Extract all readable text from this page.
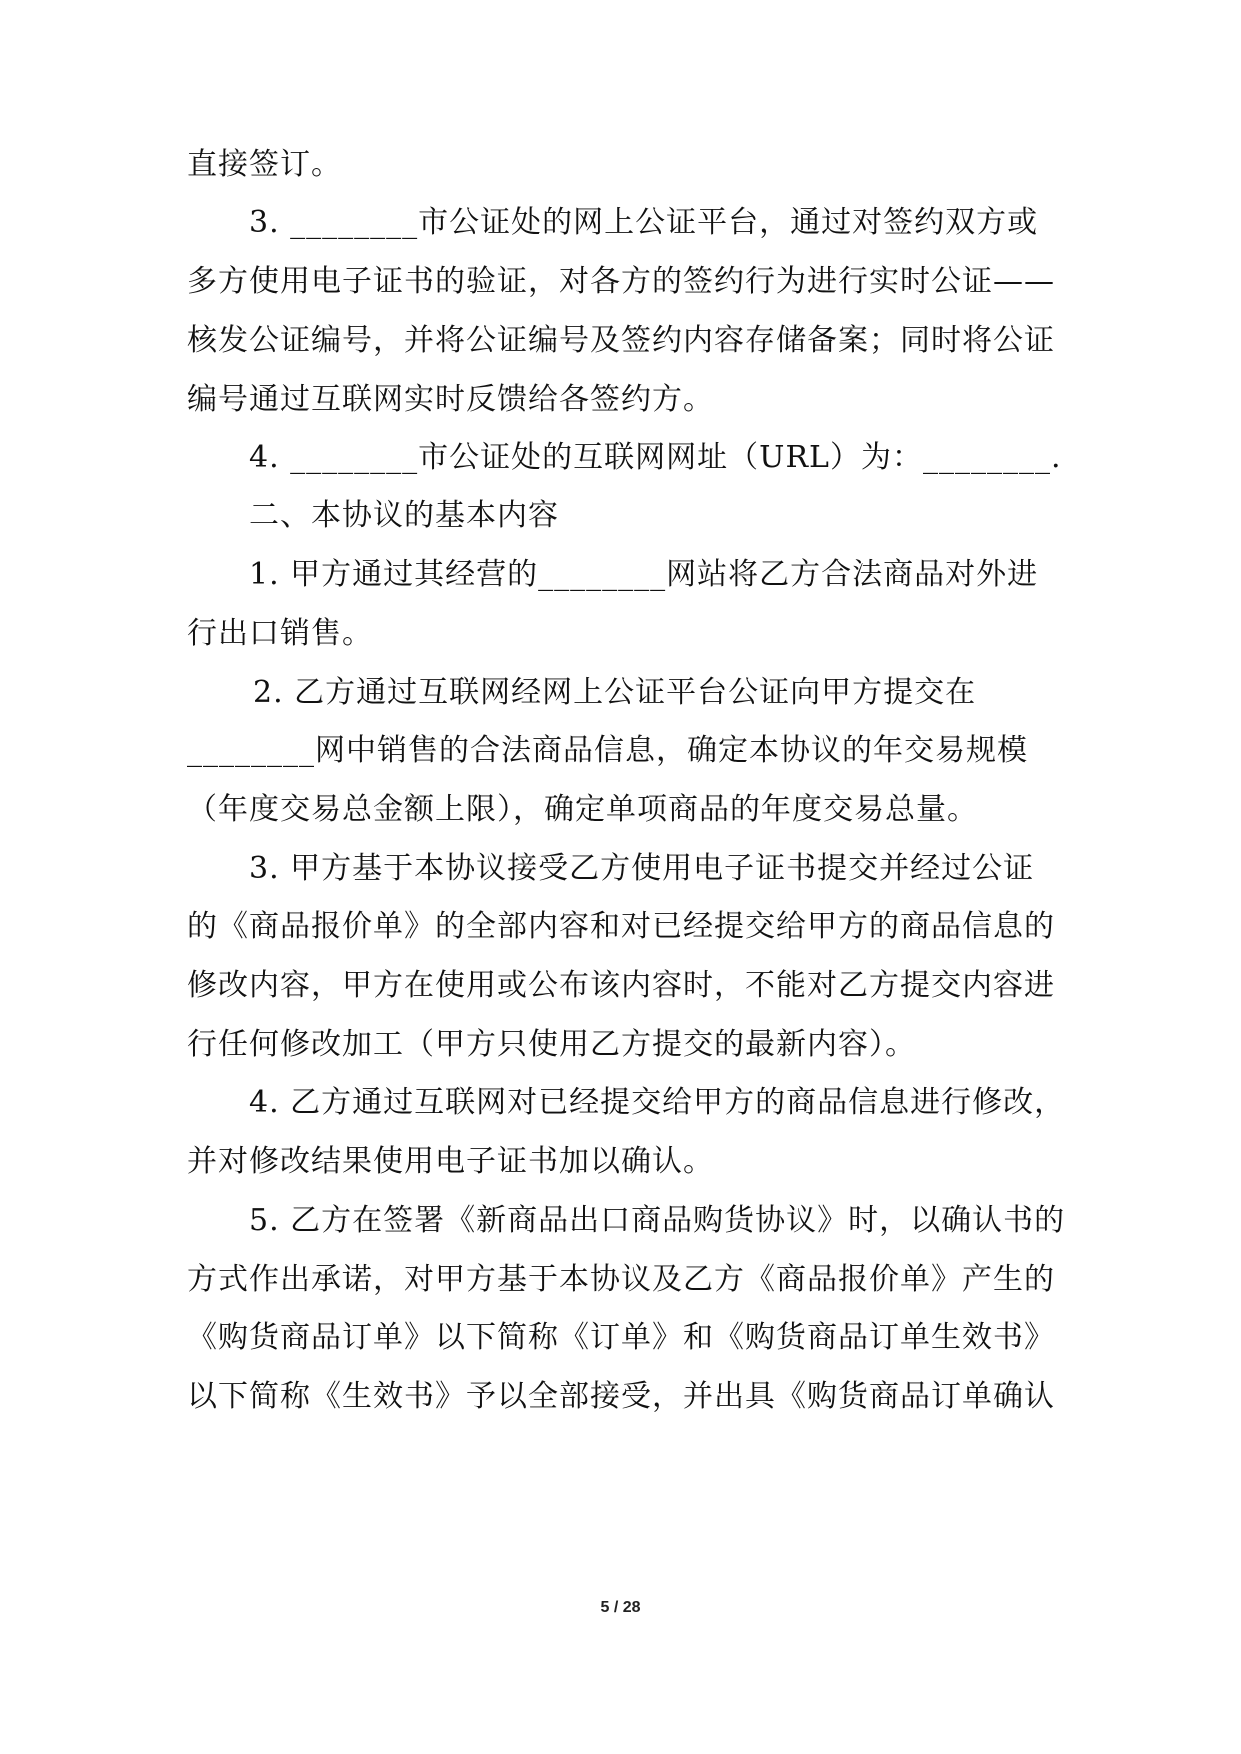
直接签订。
3. ________市公证处的网上公证平台，通过对签约双方或
多方使用电子证书的验证，对各方的签约行为进行实时公证——
核发公证编号，并将公证编号及签约内容存储备案；同时将公证
编号通过互联网实时反馈给各签约方。
4. ________市公证处的互联网网址（URL）为：________.
二、本协议的基本内容
1. 甲方通过其经营的________网站将乙方合法商品对外进
行出口销售。
2. 乙方通过互联网经网上公证平台公证向甲方提交在
________网中销售的合法商品信息，确定本协议的年交易规模
（年度交易总金额上限），确定单项商品的年度交易总量。
3. 甲方基于本协议接受乙方使用电子证书提交并经过公证
的《商品报价单》的全部内容和对已经提交给甲方的商品信息的
修改内容，甲方在使用或公布该内容时，不能对乙方提交内容进
行任何修改加工（甲方只使用乙方提交的最新内容）。
4. 乙方通过互联网对已经提交给甲方的商品信息进行修改，
并对修改结果使用电子证书加以确认。
5. 乙方在签署《新商品出口商品购货协议》时，以确认书的
方式作出承诺，对甲方基于本协议及乙方《商品报价单》产生的
《购货商品订单》以下简称《订单》和《购货商品订单生效书》
以下简称《生效书》予以全部接受，并出具《购货商品订单确认
5 / 28
